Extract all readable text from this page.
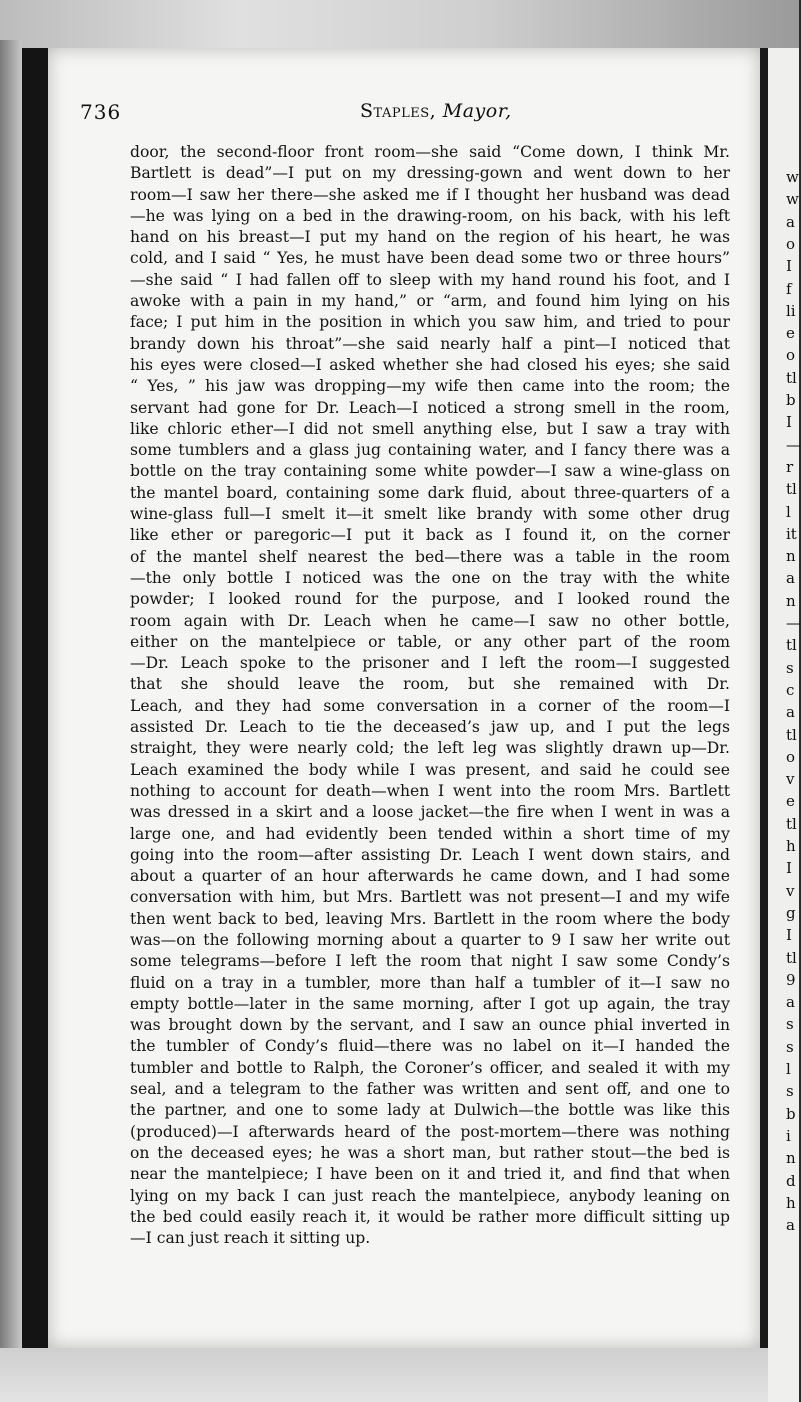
736	Staples, Mayor,
door, the second-floor front room—she said “Come down, I think Mr.
Bartlett is dead”—I put on my dressing-gown and went down to her
room—I saw her there—she asked me if I thought her husband was dead
—he was lying on a bed in the drawing-room, on his back, with his left
hand on his breast—I put my hand on the region of his heart, he was
cold, and I said “ Yes, he must have been dead some two or three hours”
—she said “ I had fallen off to sleep with my hand round his foot, and I
awoke with a pain in my hand,” or “arm, and found him lying on his
face; I put him in the position in which you saw him, and tried to pour
brandy down his throat”—she said nearly half a pint—I noticed that
his eyes were closed—I asked whether she had closed his eyes; she said
“ Yes, ” his jaw was dropping—my wife then came into the room; the
servant had gone for Dr. Leach—I noticed a strong smell in the room,
like chloric ether—I did not smell anything else, but I saw a tray with
some tumblers and a glass jug containing water, and I fancy there was a
bottle on the tray containing some white powder—I saw a wine-glass on
the mantel board, containing some dark fluid, about three-quarters of a
wine-glass full—I smelt it—it smelt like brandy with some other drug
like ether or paregoric—I put it back as I found it, on the corner
of the mantel shelf nearest the bed—there was a table in the room
—the only bottle I noticed was the one on the tray with the white
powder; I looked round for the purpose, and I looked round the
room again with Dr. Leach when he came—I saw no other bottle,
either on the mantelpiece or table, or any other part of the room
—Dr. Leach spoke to the prisoner and I left the room—I suggested
that she should leave the room, but she remained with Dr.
Leach, and they had some conversation in a corner of the room—I
assisted Dr. Leach to tie the deceased’s jaw up, and I put the legs
straight, they were nearly cold; the left leg was slightly drawn up—Dr.
Leach examined the body while I was present, and said he could see
nothing to account for death—when I went into the room Mrs. Bartlett
was dressed in a skirt and a loose jacket—the fire when I went in was a
large one, and had evidently been tended within a short time of my
going into the room—after assisting Dr. Leach I went down stairs, and
about a quarter of an hour afterwards he came down, and I had some
conversation with him, but Mrs. Bartlett was not present—I and my wife
then went back to bed, leaving Mrs. Bartlett in the room where the body
was—on the following morning about a quarter to 9 I saw her write out
some telegrams—before I left the room that night I saw some Condy’s
fluid on a tray in a tumbler, more than half a tumbler of it—I saw no
empty bottle—later in the same morning, after I got up again, the tray
was brought down by the servant, and I saw an ounce phial inverted in
the tumbler of Condy’s fluid—there was no label on it—I handed the
tumbler and bottle to Ralph, the Coroner’s officer, and sealed it with my
seal, and a telegram to the father was written and sent off, and one to
the partner, and one to some lady at Dulwich—the bottle was like this
(produced)—I afterwards heard of the post-mortem—there was nothing
on the deceased eyes; he was a short man, but rather stout—the bed is
near the mantelpiece; I have been on it and tried it, and find that when
lying on my back I can just reach the mantelpiece, anybody leaning on
the bed could easily reach it, it would be rather more difficult sitting up
—I can just reach it sitting up.
w
w
a
o
I
f
li
e
o
tl
b
I
—
r
tl
l
it
n
a
n
—
tl
s
c
a
tl
o
v
e
tl
h
I
v
g
I
tl
9
a
s
s
l
s
b
i
n
d
h
a
